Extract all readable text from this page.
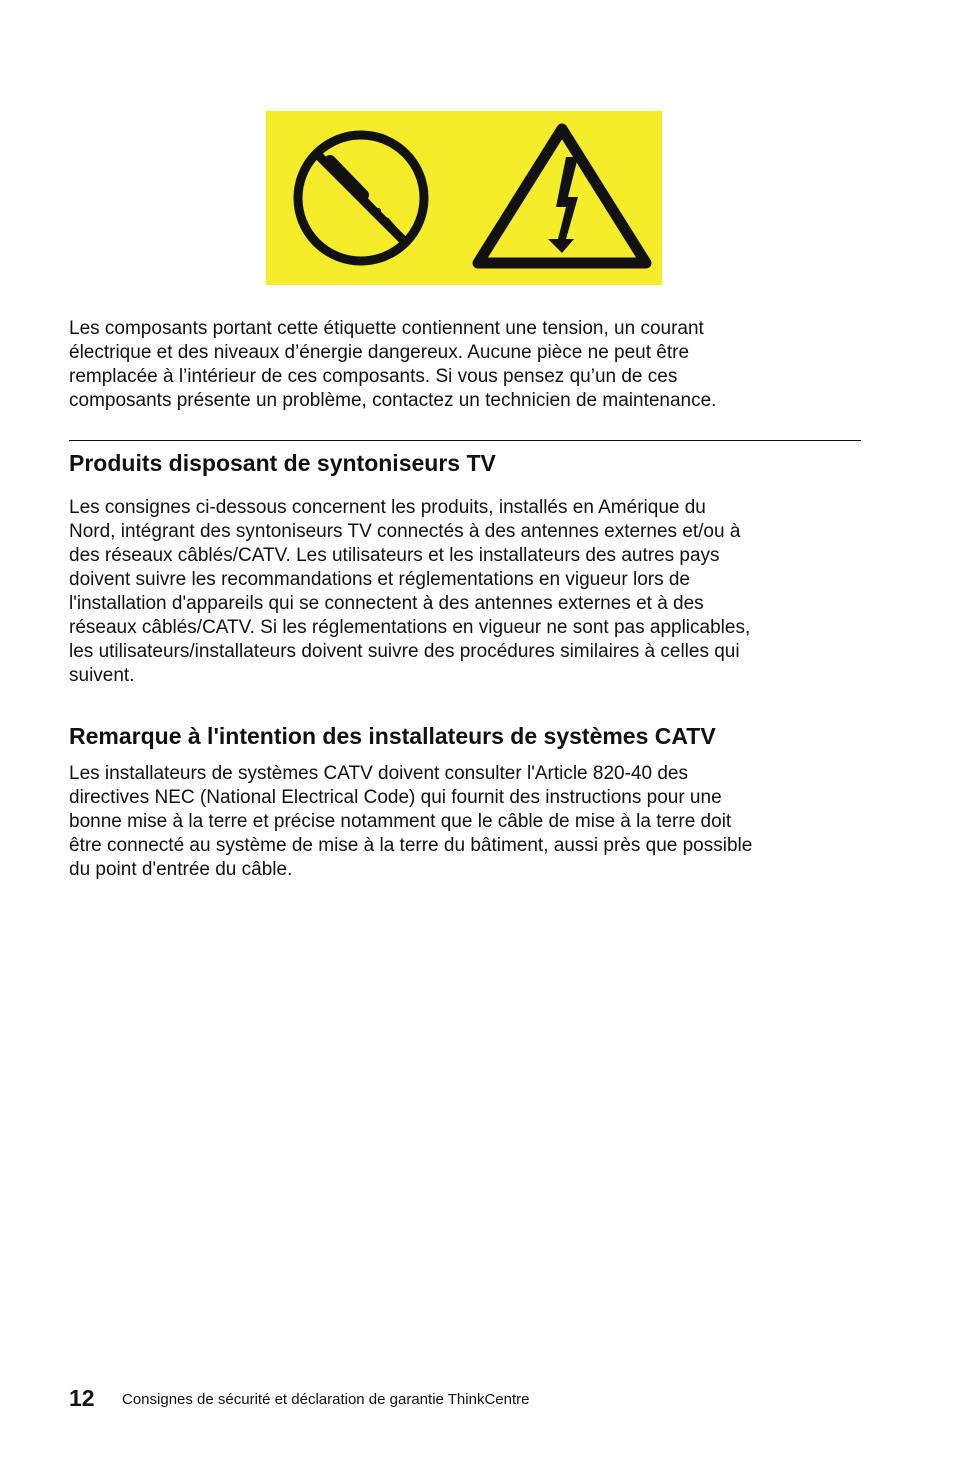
Les composants portant cette étiquette contiennent une tension, un courant
électrique et des niveaux d’énergie dangereux. Aucune pièce ne peut être
remplacée à l’intérieur de ces composants. Si vous pensez qu’un de ces
composants présente un problème, contactez un technicien de maintenance.

Produits disposant de syntoniseurs TV

Les consignes ci-dessous concernent les produits, installés en Amérique du
Nord, intégrant des syntoniseurs TV connectés à des antennes externes et/ou à
des réseaux câblés/CATV. Les utilisateurs et les installateurs des autres pays
doivent suivre les recommandations et réglementations en vigueur lors de
l'installation d'appareils qui se connectent à des antennes externes et à des
réseaux câblés/CATV. Si les réglementations en vigueur ne sont pas applicables,
les utilisateurs/installateurs doivent suivre des procédures similaires à celles qui
suivent.

Remarque à l'intention des installateurs de systèmes CATV

Les installateurs de systèmes CATV doivent consulter l'Article 820-40 des
directives NEC (National Electrical Code) qui fournit des instructions pour une
bonne mise à la terre et précise notamment que le câble de mise à la terre doit
être connecté au système de mise à la terre du bâtiment, aussi près que possible
du point d'entrée du câble.

12 Consignes de sécurité et déclaration de garantie ThinkCentre
